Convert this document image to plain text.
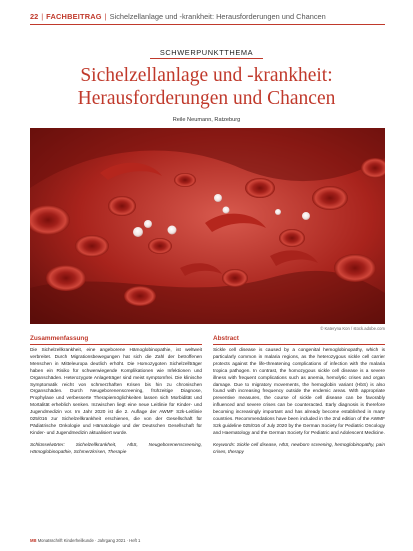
22 | FACHBEITRAG | Sichelzellanlage und -krankheit: Herausforderungen und Chancen
SCHWERPUNKTTHEMA
Sichelzellanlage und -krankheit:
Herausforderungen und Chancen
Reile Neumann, Ratzeburg
© Kateryna Kon / stock.adobe.com
Zusammenfassung

Die Sichelzellkrankheit, eine angeborene Hämoglobinopathie, ist weltweit verbreitet. Durch Migrationsbewegungen hat sich die Zahl der betroffenen Menschen in Mitteleuropa deutlich erhöht. Die Homozygoten Sichelzellträger haben ein Risiko für schwerwiegende Komplikationen wie Infektionen und Organschäden. Heterozygote Anlageträger sind meist symptomfrei. Die klinische Symptomatik reicht von schmerzhaften Krisen bis hin zu chronischen Organschäden. Durch Neugeborenenscreening, frühzeitige Diagnose, Prophylaxe und verbesserte Therapiemöglichkeiten lassen sich Morbidität und Mortalität erheblich senken. Inzwischen liegt eine neue Leitlinie für Kinder- und Jugendmedizin vor. Im Jahr 2020 ist die 2. Auflage der AWMF S2k-Leitlinie 025/016 zur Sichelzellkrankheit erschienen, die von der Gesellschaft für Pädiatrische Onkologie und Hämatologie und der Deutschen Gesellschaft für Kinder- und Jugendmedizin aktualisiert wurde.

Schlüsselwörter: Sichelzellkrankheit, HbS, Neugeborenenscreening, Hämoglobinopathie, Schmerzkrisen, Therapie

Abstract

Sickle cell disease is caused by a congenital hemoglobinopathy, which is particularly common in malaria regions, as the heterozygous sickle cell carrier protects against the life-threatening complications of infection with the malaria tropica pathogen. In contrast, the homozygous sickle cell disease is a severe illness with frequent complications such as anemia, hemolytic crises and organ damage. Due to migratory movements, the hemoglobin variant (HbS) is also found with increasing frequency outside the endemic areas. With appropriate preventive measures, the course of sickle cell disease can be favorably influenced and severe crises can be counteracted. Early diagnosis is therefore becoming increasingly important and has already become established in many countries. Recommendations have been included in the 2nd edition of the AWMF S2k guideline 025/016 of July 2020 by the German Society for Pediatric Oncology and Haematology and the German Society for Pediatric and Adolescent Medicine.

Keywords: Sickle cell disease, HbS, newborn screening, hemoglobinopathy, pain crises, therapy

MB Monatsschrift Kinderheilkunde · Jahrgang 2021 · Heft 1
